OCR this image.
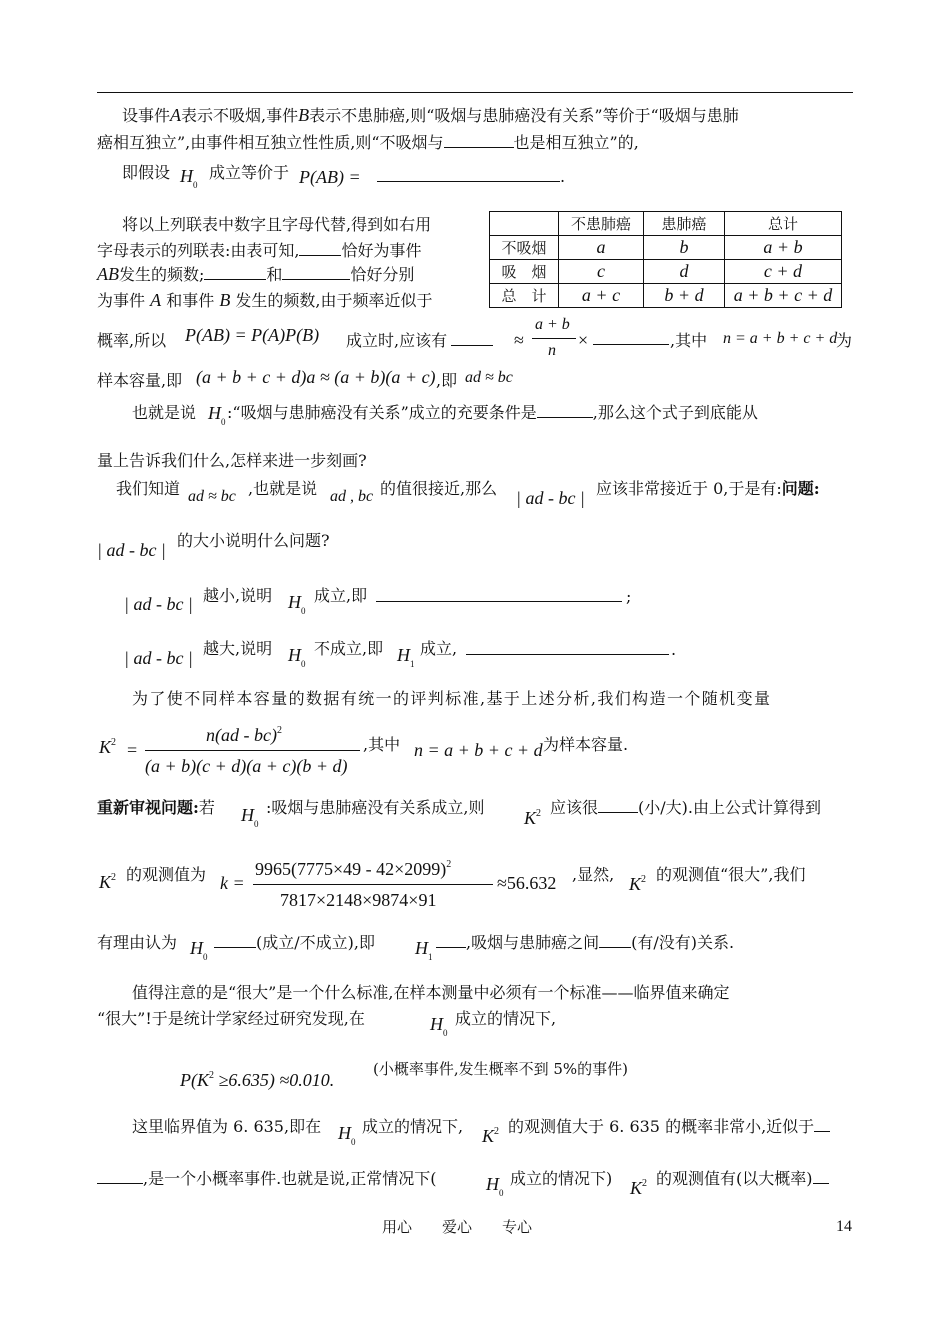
设事件A表示不吸烟,事件B表示不患肺癌,则“吸烟与患肺癌没有关系”等价于“吸烟与患肺
癌相互独立”,由事件相互独立性性质,则“不吸烟与	也是相互独立”的,
即假设 $H_0$
成立等价于 P(AB) =	.
	不患肺癌	患肺癌	总计
不吸烟	a	b	a + b
吸　烟	c	d	c + d
总　计	a + c	b + d	a + b + c + d
将以上列联表中数字且字母代替,得到如右用
字母表示的列联表:由表可知,	恰好为事件
AB发生的频数;	和	恰好分别
为事件 A 和事件 B 发生的频数,由于频率近似于
概率,所以 P(AB) = P(A)P(B) 成立时,应该有	≈
a + b
n
×	,其中 n = a + b + c + d
为
样本容量,即 (a + b + c + d)a ≈ (a + b)(a + c) ,即 ad ≈ bc
也就是说 $H_0$ :“吸烟与患肺癌没有关系”成立的充要条件是	,那么这个式子到底能从
量上告诉我们什么,怎样来进一步刻画?
我们知道 ad ≈ bc ,也就是说 ad , bc 的值很接近,那么 | ad - bc | 应该非常接近于 0,于是有:问题:
| ad - bc | 的大小说明什么问题?
| ad - bc | 越小,说明 $H_0$
成立,即	;
| ad - bc | 越大,说明 $H_0$
不成立,即 $H_1$
成立,	.
为了使不同样本容量的数据有统一的评判标准,基于上述分析,我们构造一个随机变量
$K^2$ =
n(ad - bc)$^2$
(a + b)(c + d)(a + c)(b + d)
,其中 n = a + b + c + d 为样本容量.
重新审视问题:若 $H_0$
:吸烟与患肺癌没有关系成立,则
$K^2$ 应该很	(小/大).由上公式计算得到
$K^2$ 的观测值为 k =
$9965(7775\times 49 - 42\times 2099)^2$
7817×2148×9874×91
≈56.632 ,显然, $K^2$ 的观测值“很大”,我们
有理由认为 $H_0$
(成立/不成立),即 $H_1$
,吸烟与患肺癌之间 (有/没有)关系.
值得注意的是“很大”是一个什么标准,在样本测量中必须有一个标准——临界值来确定
“很大”!于是统计学家经过研究发现,在	$H_0$
成立的情况下,
$P(K^2 \ge 6.635) \approx 0.010$.
(小概率事件,发生概率不到 5%的事件)
这里临界值为 6. 635,即在 $H_0$
成立的情况下, $K^2$ 的观测值大于 6. 635 的概率非常小,近似于
,是一个小概率事件.也就是说,正常情况下(	$H_0$
成立的情况下) $K^2$ 的观测值有(以大概率)
用心　　爱心　　专心	14
